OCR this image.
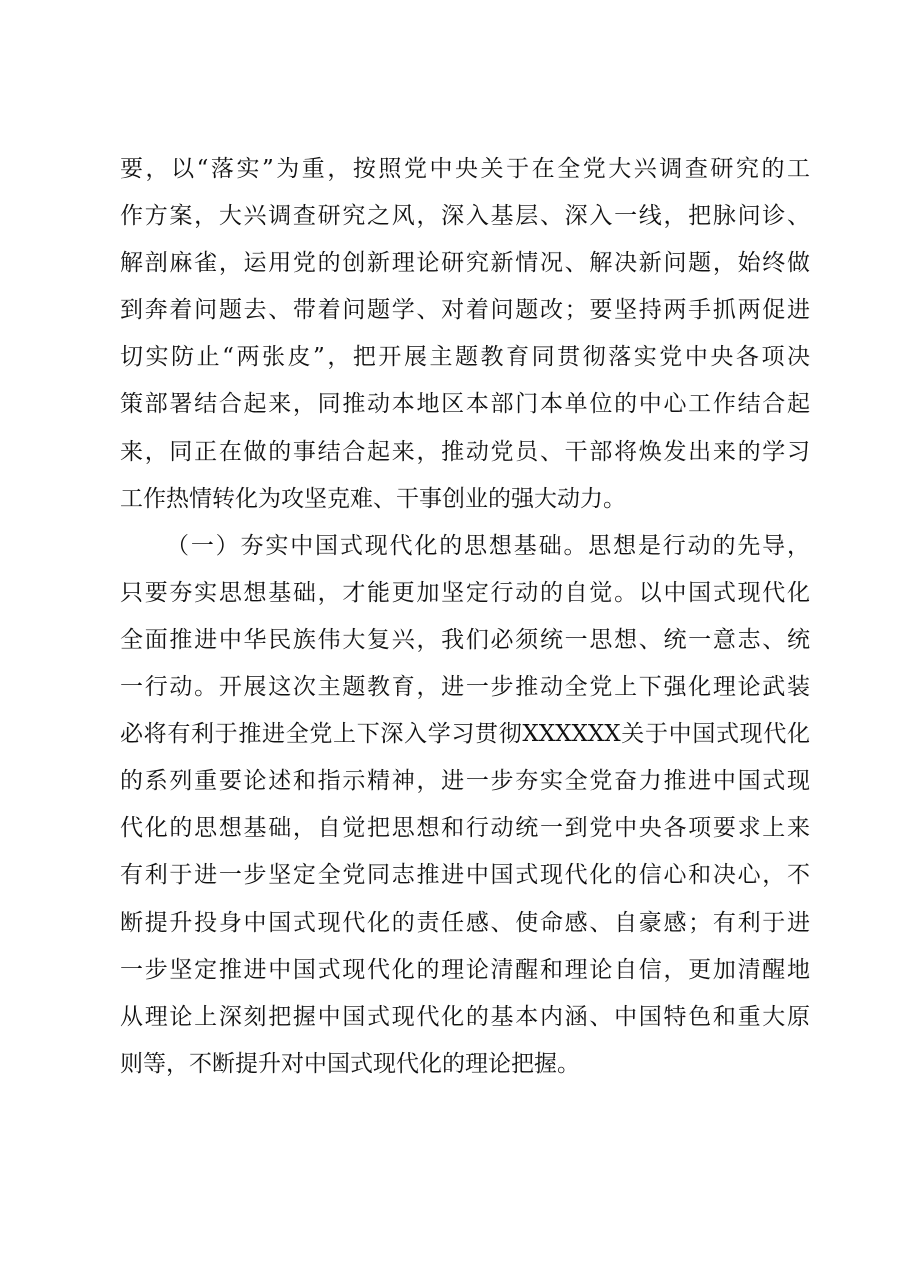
要，以“落实”为重，按照党中央关于在全党大兴调查研究的工
作方案，大兴调查研究之风，深入基层、深入一线，把脉问诊、
解剖麻雀，运用党的创新理论研究新情况、解决新问题，始终做
到奔着问题去、带着问题学、对着问题改；要坚持两手抓两促进
切实防止“两张皮”，把开展主题教育同贯彻落实党中央各项决
策部署结合起来，同推动本地区本部门本单位的中心工作结合起
来，同正在做的事结合起来，推动党员、干部将焕发出来的学习
工作热情转化为攻坚克难、干事创业的强大动力。
（一）夯实中国式现代化的思想基础。思想是行动的先导，
只要夯实思想基础，才能更加坚定行动的自觉。以中国式现代化
全面推进中华民族伟大复兴，我们必须统一思想、统一意志、统
一行动。开展这次主题教育，进一步推动全党上下强化理论武装
必将有利于推进全党上下深入学习贯彻XXXXXX关于中国式现代化
的系列重要论述和指示精神，进一步夯实全党奋力推进中国式现
代化的思想基础，自觉把思想和行动统一到党中央各项要求上来
有利于进一步坚定全党同志推进中国式现代化的信心和决心，不
断提升投身中国式现代化的责任感、使命感、自豪感；有利于进
一步坚定推进中国式现代化的理论清醒和理论自信，更加清醒地
从理论上深刻把握中国式现代化的基本内涵、中国特色和重大原
则等，不断提升对中国式现代化的理论把握。
